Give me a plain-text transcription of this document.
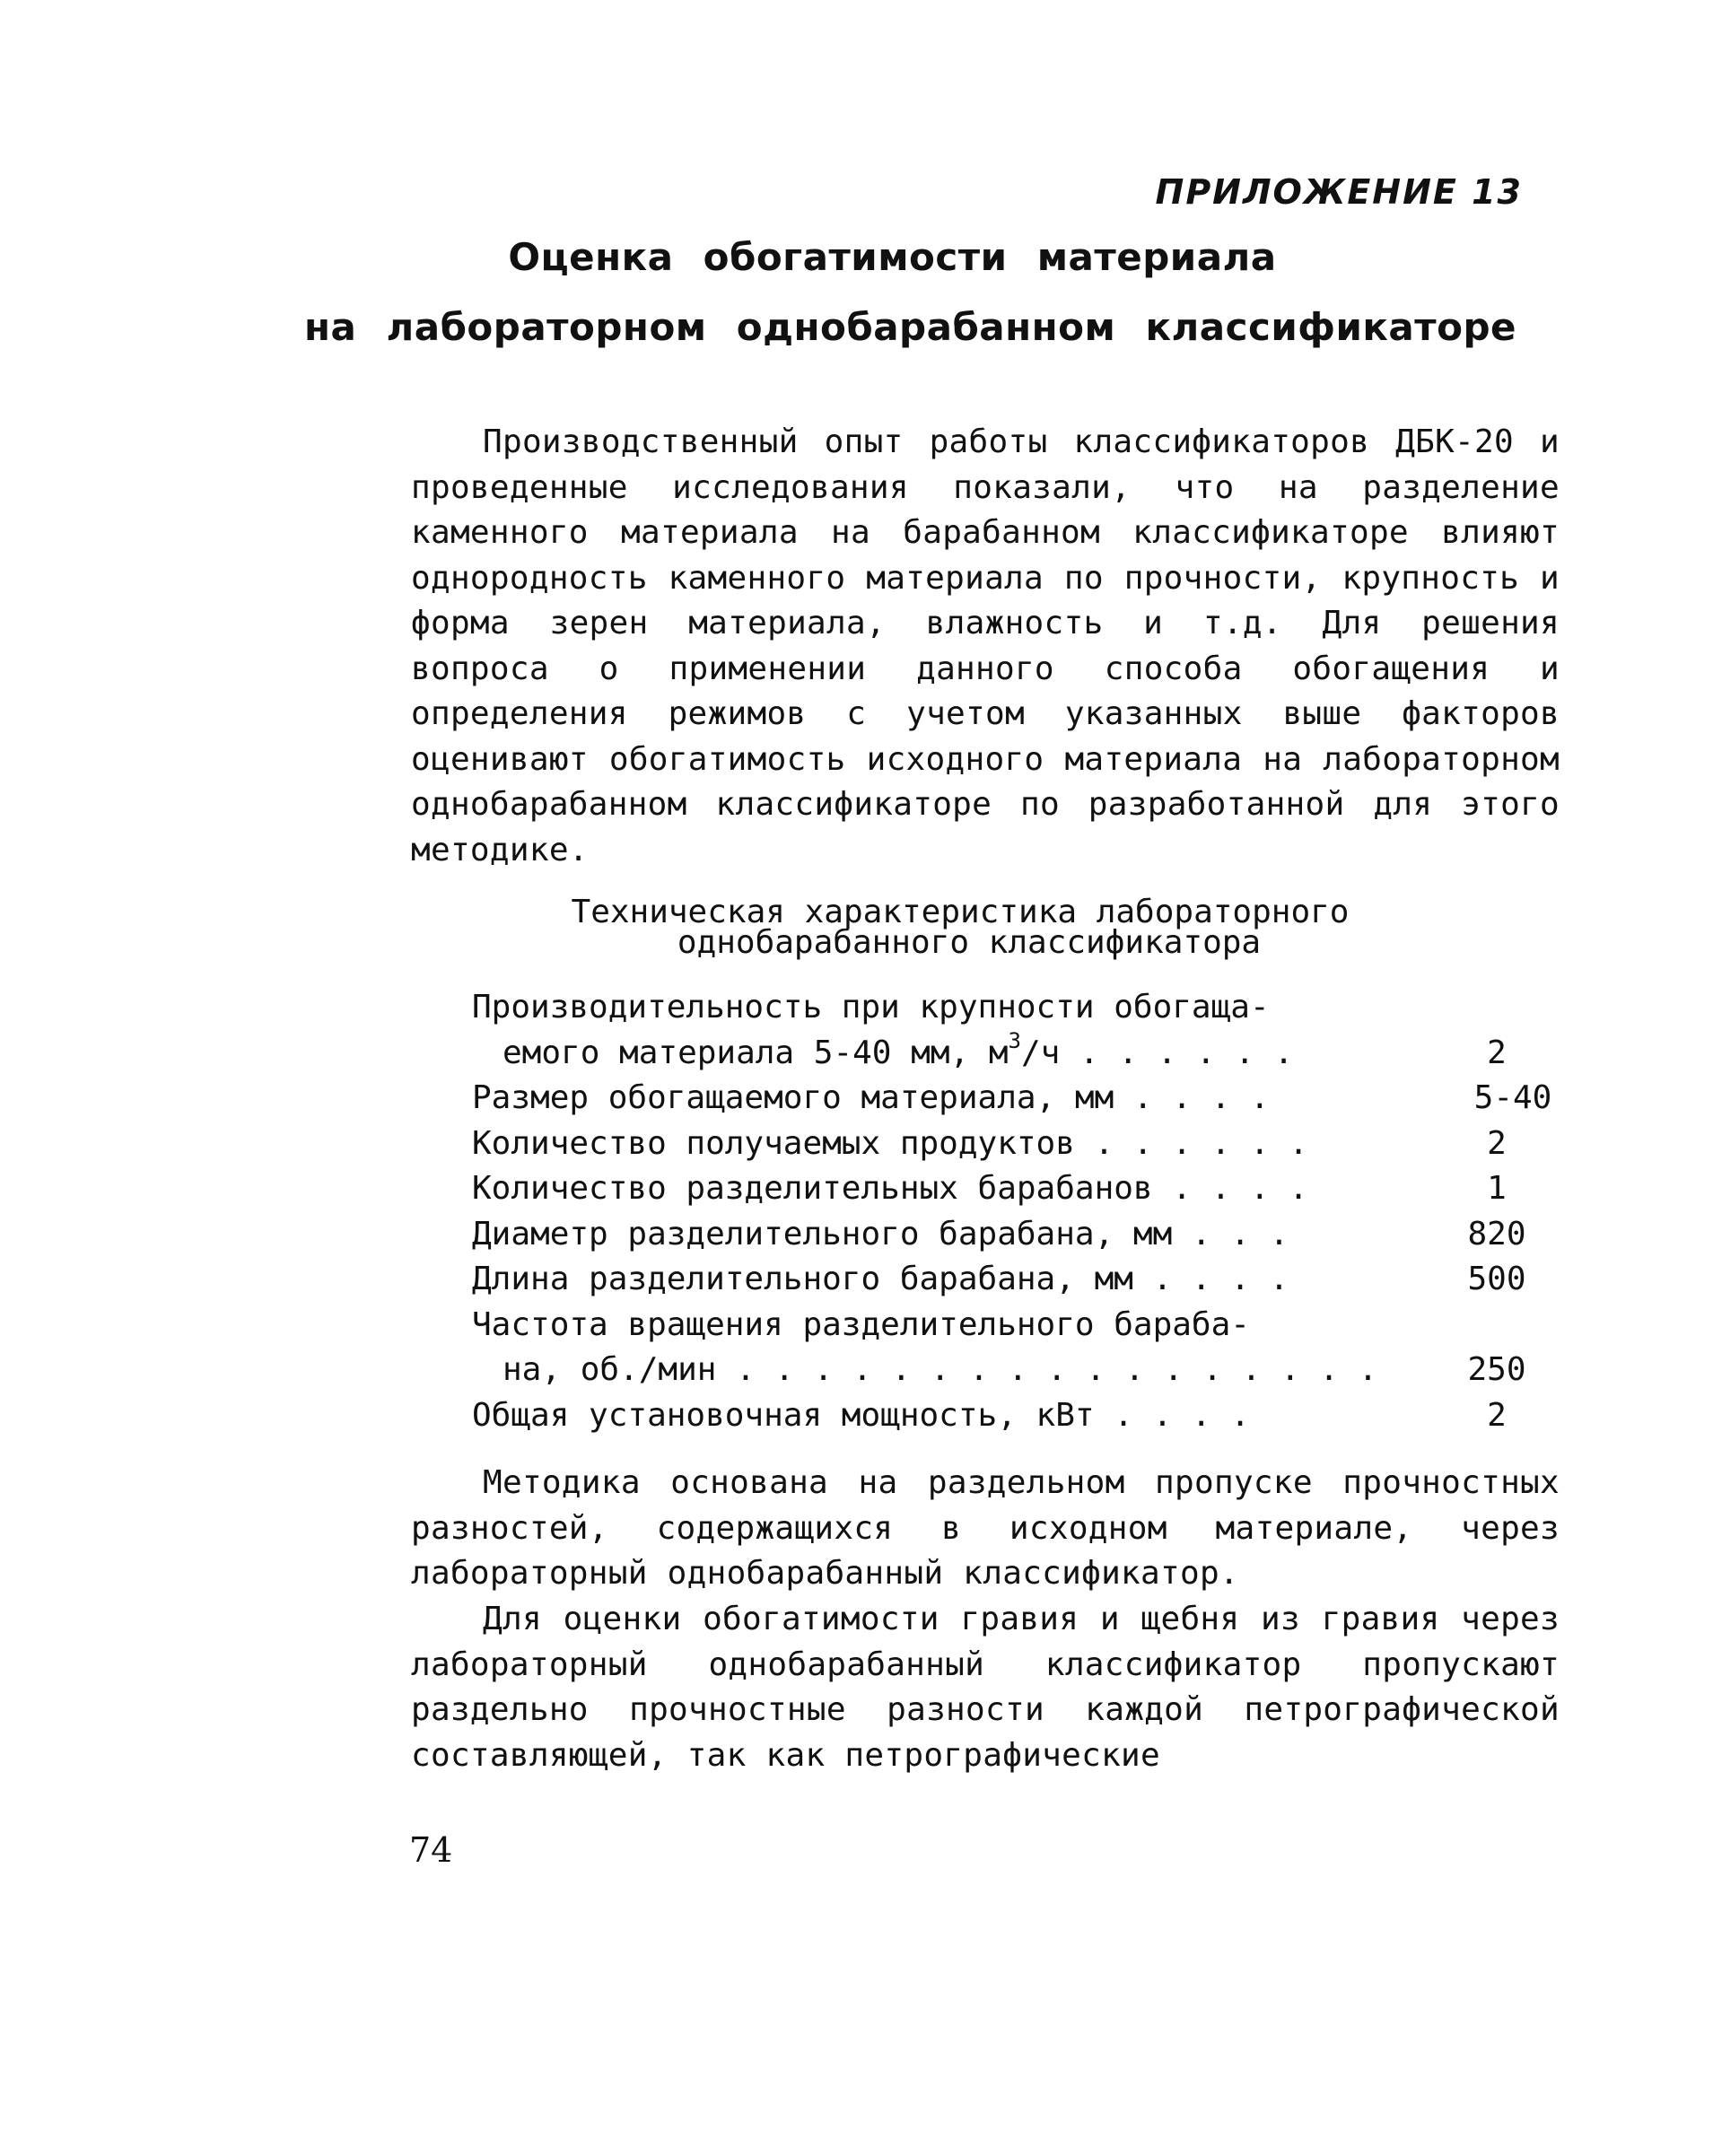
ПРИЛОЖЕНИЕ 13
Оценка обогатимости материала
на лабораторном однобарабанном классификаторе

Производственный опыт работы классификаторов ДБК-20 и проведенные исследования показали, что на разделение каменного материала на барабанном классификаторе влияют однородность каменного материала по прочности, крупность и форма зерен материала, влажность и т.д. Для решения вопроса о применении данного способа обогащения и определения режимов с учетом указанных выше факторов оценивают обогатимость исходного материала на лабораторном однобарабанном классификаторе по разработанной для этого методике.

Техническая характеристика лабораторного
однобарабанного классификатора
Производительность при крупности обогаща-
емого материала 5-40 мм, $м^3/ч$ . . . . . .	2
Размер обогащаемого материала, мм . . . .	5-40
Количество получаемых продуктов . . . . . .	2
Количество разделительных барабанов . . . .	1
Диаметр разделительного барабана, мм . . .	820
Длина разделительного барабана, мм . . . .	500
Частота вращения разделительного бараба-
на, об./мин . . . . . . . . . . . . . . . . .	250
Общая установочная мощность, кВт . . . .	2

Методика основана на раздельном пропуске прочностных разностей, содержащихся в исходном материале, через лабораторный однобарабанный классификатор.

Для оценки обогатимости гравия и щебня из гравия через лабораторный однобарабанный классификатор пропускают раздельно прочностные разности каждой петрографической составляющей, так как петрографические

74
